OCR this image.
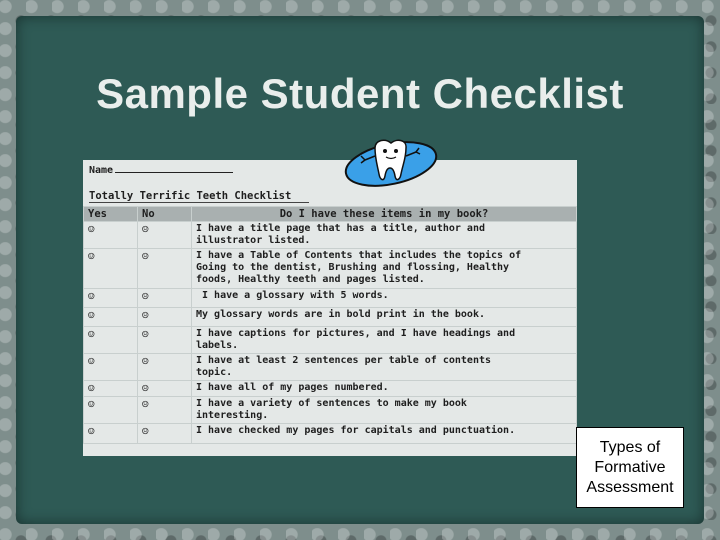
Sample Student Checklist
Name
Totally Terrific Teeth Checklist
Yes	No	Do I have these items in my book?
☺	☹	I have a title page that has a title, author and
illustrator listed.

☺	☹	I have a Table of Contents that includes the topics of
Going to the dentist, Brushing and flossing, Healthy
foods, Healthy teeth and pages listed.

☺	☹	I have a glossary with 5 words.

☺	☹	My glossary words are in bold print in the book.

☺	☹	I have captions for pictures, and I have headings and
labels.

☺	☹	I have at least 2 sentences per table of contents
topic.

☺	☹	I have all of my pages numbered.

☺	☹	I have a variety of sentences to make my book
interesting.

☺	☹	I have checked my pages for capitals and punctuation.
Types of
Formative
Assessment
